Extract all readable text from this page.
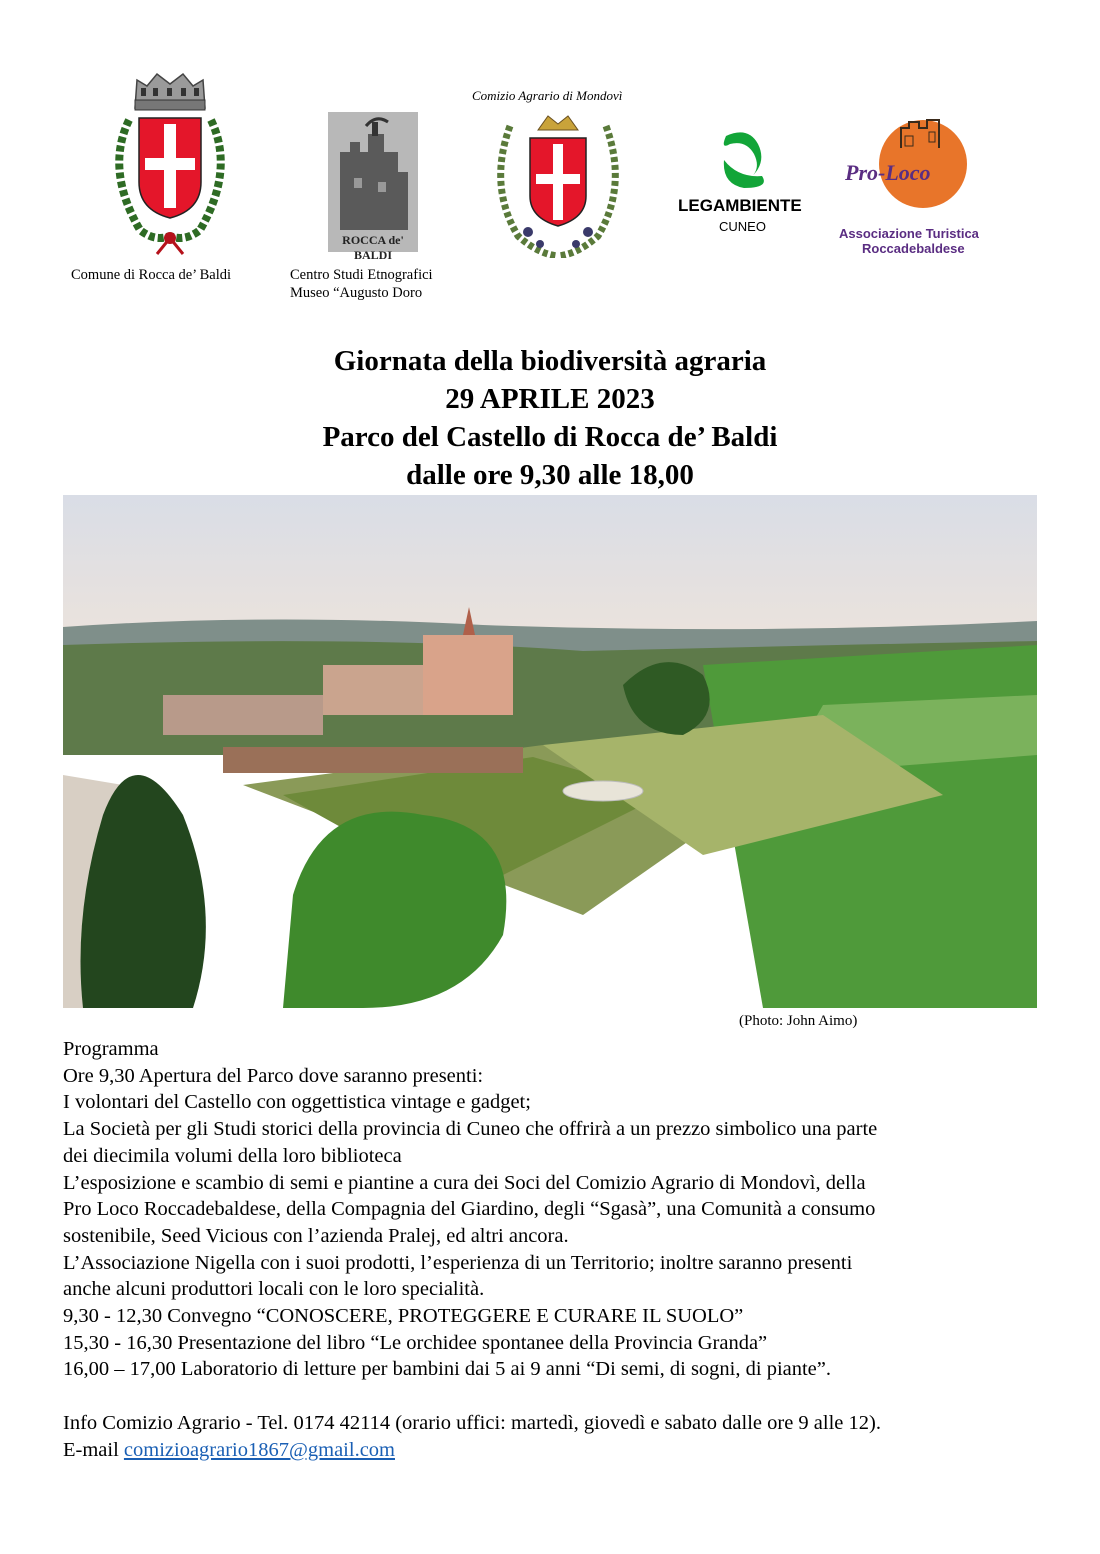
Comune di Rocca de’ Baldi
ROCCA de' BALDI
Centro Studi Etnografici
Museo “Augusto Doro
Comizio Agrario di Mondovì
LEGAMBIENTE
CUNEO
Pro-Loco
Associazione Turistica
Roccadebaldese
Giornata della biodiversità agraria
29 APRILE 2023
Parco del Castello di Rocca de’ Baldi
dalle ore 9,30 alle 18,00
(Photo: John Aimo)
Programma
Ore 9,30 Apertura del Parco dove saranno presenti:
I volontari del Castello con oggettistica vintage e gadget;
La Società per gli Studi storici della provincia di Cuneo che offrirà a un prezzo simbolico una parte
dei diecimila volumi della loro biblioteca
L’esposizione e scambio di semi e piantine a cura dei Soci del Comizio Agrario di Mondovì, della
Pro Loco Roccadebaldese, della Compagnia del Giardino, degli “Sgasà”, una Comunità a consumo
sostenibile, Seed Vicious con l’azienda Pralej, ed altri ancora.
L’Associazione Nigella con i suoi prodotti, l’esperienza di un Territorio; inoltre saranno presenti
anche alcuni produttori locali con le loro specialità.
9,30 - 12,30 Convegno “CONOSCERE, PROTEGGERE E CURARE IL SUOLO”
15,30 - 16,30 Presentazione del libro “Le orchidee spontanee della Provincia Granda”
16,00 – 17,00 Laboratorio di letture per bambini dai 5 ai 9 anni “Di semi, di sogni, di piante”.
Info Comizio Agrario - Tel. 0174 42114 (orario uffici: martedì, giovedì e sabato dalle ore 9 alle 12).
E-mail comizioagrario1867@gmail.com
